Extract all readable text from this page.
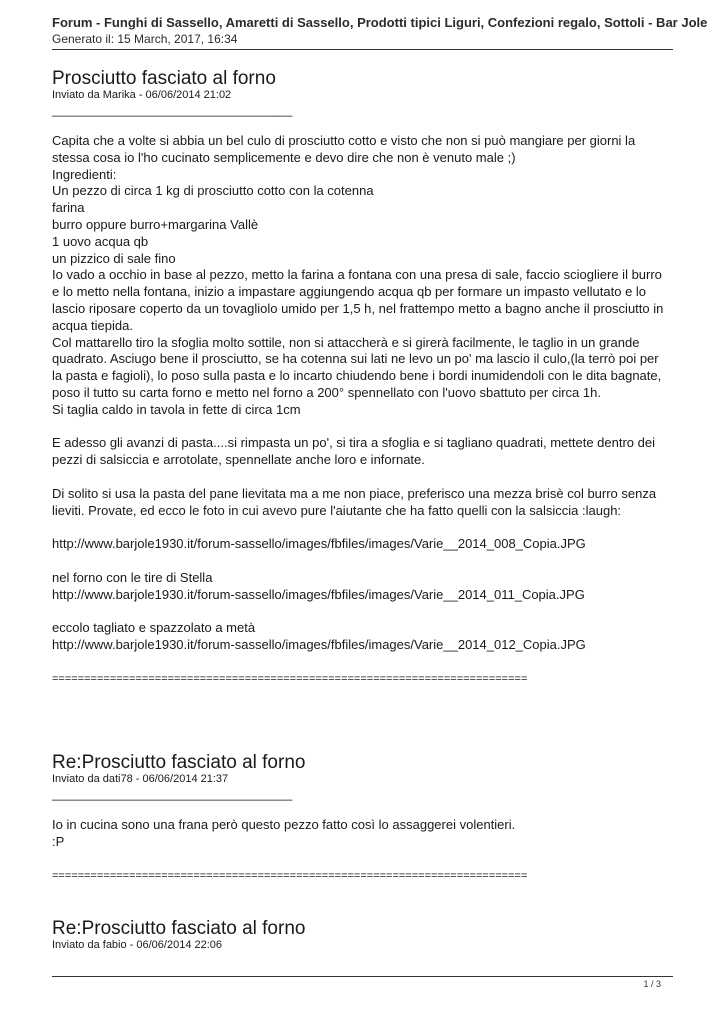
Forum - Funghi di Sassello, Amaretti di Sassello, Prodotti tipici Liguri, Confezioni regalo, Sottoli - Bar Jole
Generato il: 15 March, 2017, 16:34
Prosciutto fasciato al forno
Inviato da Marika - 06/06/2014 21:02
____________________________________

Capita che a volte si abbia un bel culo di prosciutto cotto e visto che non si può mangiare per giorni la stessa cosa io l'ho cucinato semplicemente e devo dire che non è venuto male ;)

Ingredienti:

Un pezzo di circa 1 kg di prosciutto cotto con la cotenna

farina

burro oppure burro+margarina Vallè

1 uovo acqua qb

un pizzico di sale fino

Io vado a occhio in base al pezzo, metto la farina a fontana con una presa di sale, faccio sciogliere il burro e lo metto nella fontana, inizio a impastare aggiungendo acqua qb per formare un impasto vellutato e lo lascio riposare coperto da un tovagliolo umido per 1,5 h, nel frattempo metto a bagno anche il prosciutto in acqua tiepida.

Col mattarello tiro la sfoglia molto sottile, non si attaccherà e si girerà facilmente, le taglio in un grande quadrato. Asciugo bene il prosciutto, se ha cotenna sui lati ne levo un po' ma lascio il culo,(la terrò poi per la pasta e fagioli), lo poso sulla pasta e lo incarto chiudendo bene i bordi inumidendoli con le dita bagnate, poso il tutto su carta forno e metto nel forno a 200° spennellato con l'uovo sbattuto per circa 1h.

Si taglia caldo in tavola in fette di circa 1cm

E adesso gli avanzi di pasta....si rimpasta un po', si tira a sfoglia e si tagliano quadrati, mettete dentro dei pezzi di salsiccia e arrotolate, spennellate anche loro e infornate.

Di solito si usa la pasta del pane lievitata ma a me non piace, preferisco una mezza brisè col burro senza lieviti. Provate, ed ecco le foto in cui avevo pure l'aiutante che ha fatto quelli con la salsiccia :laugh:

http://www.barjole1930.it/forum-sassello/images/fbfiles/images/Varie__2014_008_Copia.JPG

nel forno con le tire di Stella

http://www.barjole1930.it/forum-sassello/images/fbfiles/images/Varie__2014_011_Copia.JPG

eccolo tagliato e spazzolato a metà

http://www.barjole1930.it/forum-sassello/images/fbfiles/images/Varie__2014_012_Copia.JPG

==========================================================================
Re:Prosciutto fasciato al forno
Inviato da dati78 - 06/06/2014 21:37
____________________________________

Io in cucina sono una frana però questo pezzo fatto così lo assaggerei volentieri.

:P

==========================================================================
Re:Prosciutto fasciato al forno
Inviato da fabio - 06/06/2014 22:06
1 / 3
